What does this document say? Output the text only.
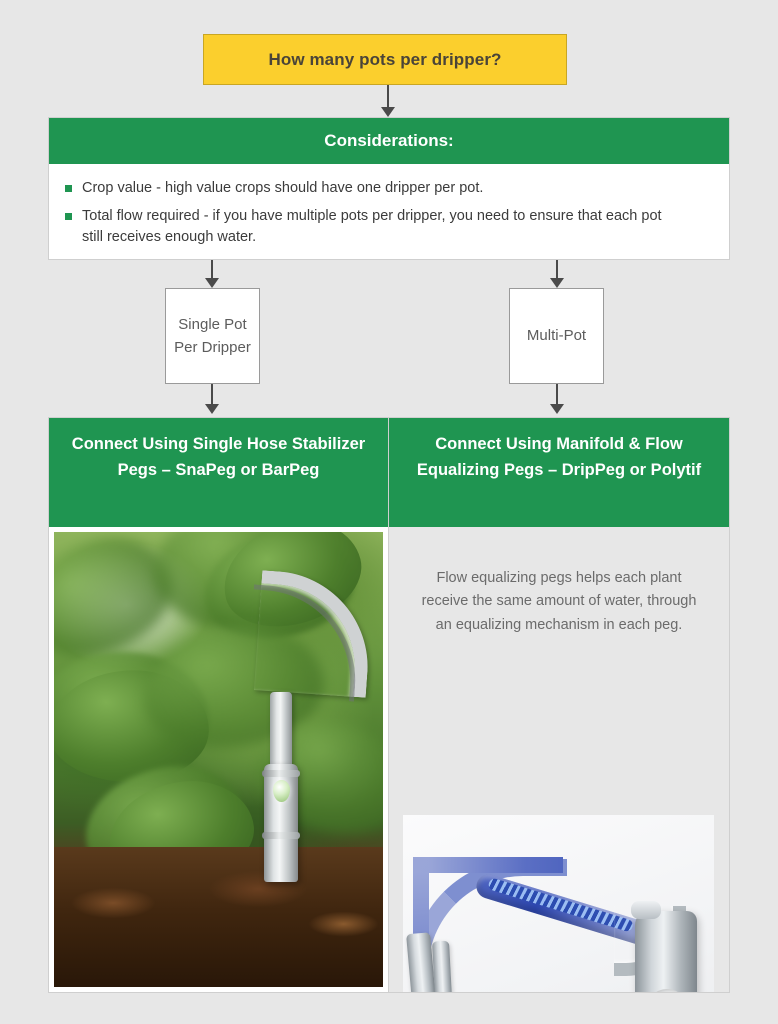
How many pots per dripper?
Considerations:
Crop value - high value crops should have one dripper per pot.
Total flow required - if you have multiple pots per dripper, you need to ensure that each pot still receives enough water.
Single Pot Per Dripper
Multi-Pot
Connect Using Single Hose Stabilizer Pegs – SnaPeg or BarPeg
Connect Using Manifold & Flow Equalizing Pegs – DripPeg or Polytif
Flow equalizing pegs helps each plant receive the same amount of water, through an equalizing mechanism in each peg.
